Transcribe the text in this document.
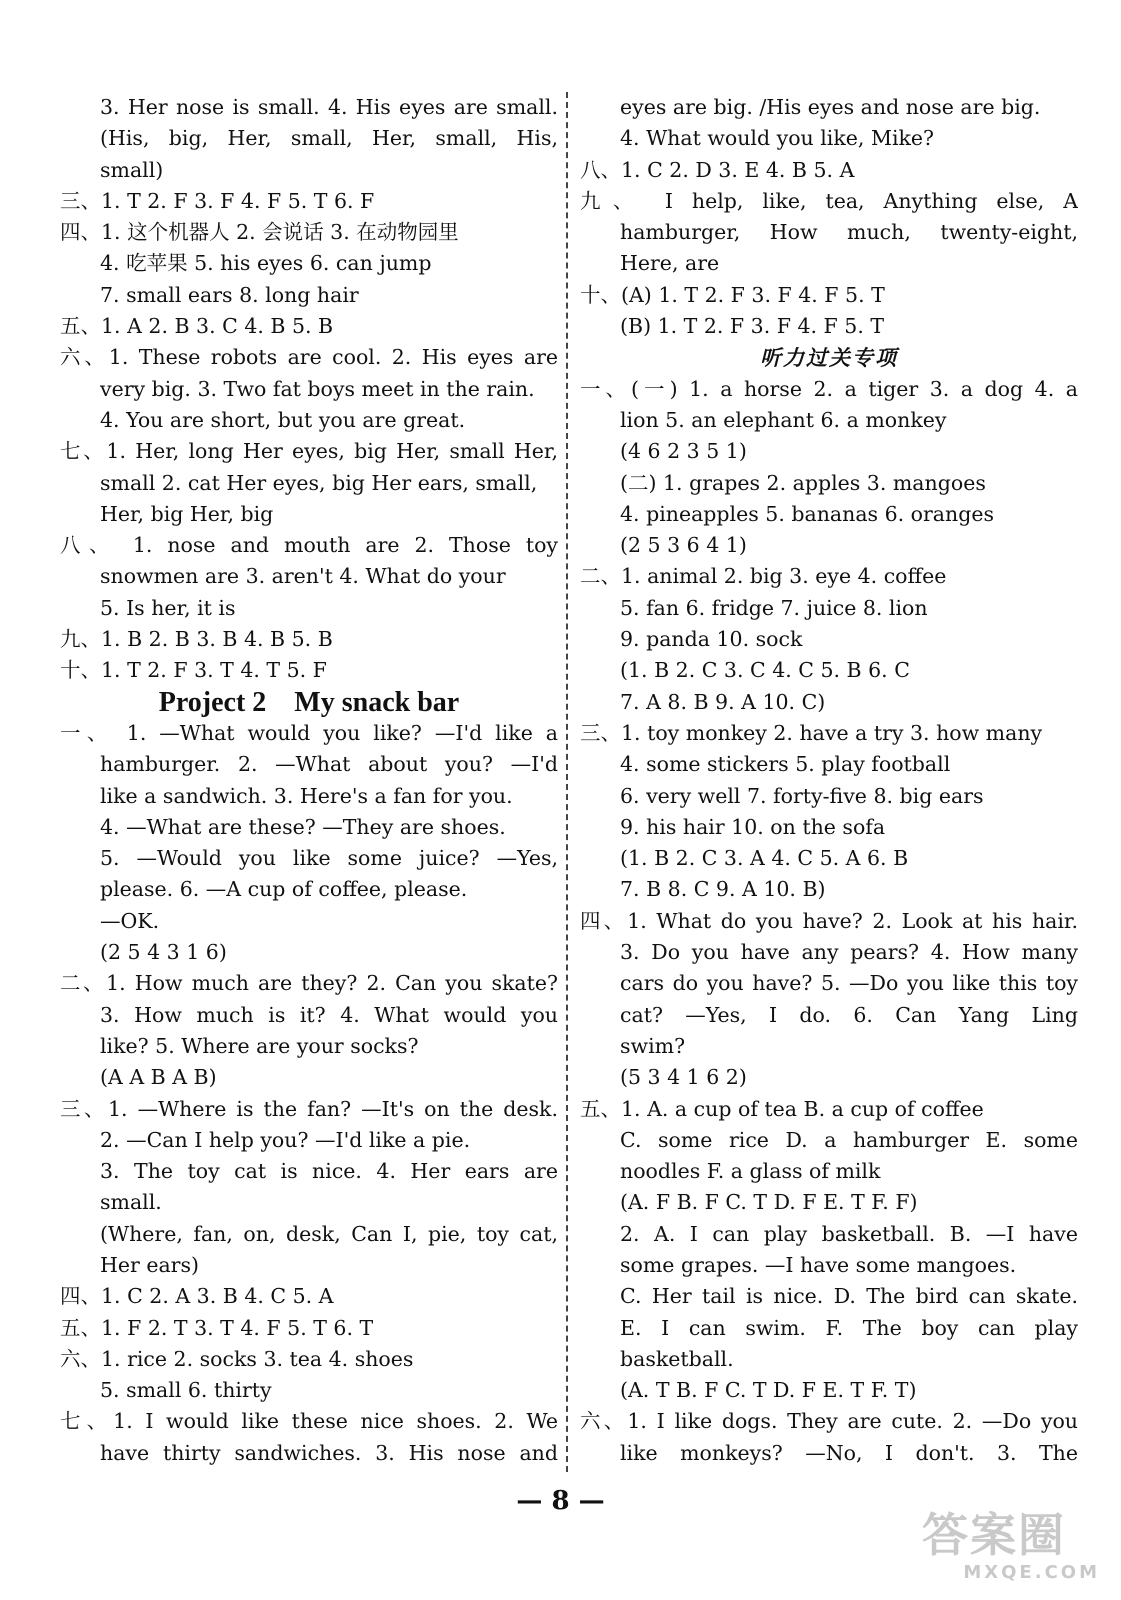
3. Her nose is small. 4. His eyes are small.
(His, big, Her, small, Her, small, His,
small)
三、1. T 2. F 3. F 4. F 5. T 6. F
四、1. 这个机器人 2. 会说话 3. 在动物园里
4. 吃苹果 5. his eyes 6. can jump
7. small ears 8. long hair
五、1. A 2. B 3. C 4. B 5. B
六、1. These robots are cool. 2. His eyes are
very big. 3. Two fat boys meet in the rain.
4. You are short, but you are great.
七、1. Her, long Her eyes, big Her, small Her,
small 2. cat Her eyes, big Her ears, small,
Her, big Her, big
八、 1. nose and mouth are 2. Those toy
snowmen are 3. aren't 4. What do your
5. Is her, it is
九、1. B 2. B 3. B 4. B 5. B
十、1. T 2. F 3. T 4. T 5. F
Project 2    My snack bar
一、 1. —What would you like? —I'd like a
hamburger. 2. —What about you? —I'd
like a sandwich. 3. Here's a fan for you.
4. —What are these? —They are shoes.
5. —Would you like some juice? —Yes,
please. 6. —A cup of coffee, please.
—OK.
(2 5 4 3 1 6)
二、1. How much are they? 2. Can you skate?
3. How much is it? 4. What would you
like? 5. Where are your socks?
(A A B A B)
三、1. —Where is the fan? —It's on the desk.
2. —Can I help you? —I'd like a pie.
3. The toy cat is nice. 4. Her ears are
small.
(Where, fan, on, desk, Can I, pie, toy cat,
Her ears)
四、1. C 2. A 3. B 4. C 5. A
五、1. F 2. T 3. T 4. F 5. T 6. T
六、1. rice 2. socks 3. tea 4. shoes
5. small 6. thirty
七、1. I would like these nice shoes. 2. We
have thirty sandwiches. 3. His nose and
eyes are big. /His eyes and nose are big.
4. What would you like, Mike?
八、1. C 2. D 3. E 4. B 5. A
九、 I help, like, tea, Anything else, A
hamburger, How much, twenty-eight,
Here, are
十、(A) 1. T 2. F 3. F 4. F 5. T
(B) 1. T 2. F 3. F 4. F 5. T
听力过关专项
一、(一) 1. a horse 2. a tiger 3. a dog 4. a
lion 5. an elephant 6. a monkey
(4 6 2 3 5 1)
(二) 1. grapes 2. apples 3. mangoes
4. pineapples 5. bananas 6. oranges
(2 5 3 6 4 1)
二、1. animal 2. big 3. eye 4. coffee
5. fan 6. fridge 7. juice 8. lion
9. panda 10. sock
(1. B 2. C 3. C 4. C 5. B 6. C
7. A 8. B 9. A 10. C)
三、1. toy monkey 2. have a try 3. how many
4. some stickers 5. play football
6. very well 7. forty-five 8. big ears
9. his hair 10. on the sofa
(1. B 2. C 3. A 4. C 5. A 6. B
7. B 8. C 9. A 10. B)
四、1. What do you have? 2. Look at his hair.
3. Do you have any pears? 4. How many
cars do you have? 5. —Do you like this toy
cat? —Yes, I do. 6. Can Yang Ling
swim?
(5 3 4 1 6 2)
五、1. A. a cup of tea B. a cup of coffee
C. some rice D. a hamburger E. some
noodles F. a glass of milk
(A. F B. F C. T D. F E. T F. F)
2. A. I can play basketball. B. —I have
some grapes. —I have some mangoes.
C. Her tail is nice. D. The bird can skate.
E. I can swim. F. The boy can play
basketball.
(A. T B. F C. T D. F E. T F. T)
六、1. I like dogs. They are cute. 2. —Do you
like monkeys? —No, I don't. 3. The
— 8 —
答案圈
MXQE.COM
